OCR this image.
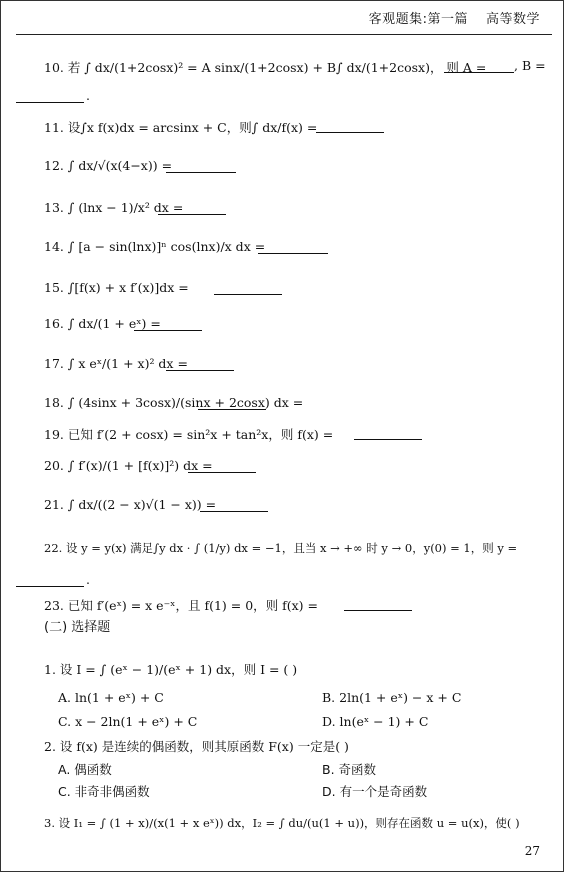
客观题集:第一篇 高等数学
10. 若 ∫ dx/(1+2cosx)² = A sinx/(1+2cosx) + B∫ dx/(1+2cosx)， 则 A = , B =
.
11. 设∫x f(x)dx = arcsinx + C，则∫ dx/f(x) =
12. ∫ dx/√(x(4−x)) =
13. ∫ (lnx − 1)/x² dx =
14. ∫ [a − sin(lnx)]ⁿ cos(lnx)/x dx =
15. ∫[f(x) + x f′(x)]dx =
16. ∫ dx/(1 + eˣ) =
17. ∫ x eˣ/(1 + x)² dx =
18. ∫ (4sinx + 3cosx)/(sinx + 2cosx) dx =
19. 已知 f′(2 + cosx) = sin²x + tan²x，则 f(x) =
20. ∫ f′(x)/(1 + [f(x)]²) dx =
21. ∫ dx/((2 − x)√(1 − x)) =
22. 设 y = y(x) 满足∫y dx · ∫ (1/y) dx = −1，且当 x → +∞ 时 y → 0，y(0) = 1，则 y =
.
23. 已知 f′(eˣ) = x e⁻ˣ，且 f(1) = 0，则 f(x) =
(二) 选择题
1. 设 I = ∫ (eˣ − 1)/(eˣ + 1) dx，则 I = ( )
A. ln(1 + eˣ) + C	B. 2ln(1 + eˣ) − x + C
C. x − 2ln(1 + eˣ) + C	D. ln(eˣ − 1) + C
2. 设 f(x) 是连续的偶函数，则其原函数 F(x) 一定是( )
A. 偶函数	B. 奇函数
C. 非奇非偶函数	D. 有一个是奇函数
3. 设 I₁ = ∫ (1 + x)/(x(1 + x eˣ)) dx，I₂ = ∫ du/(u(1 + u))，则存在函数 u = u(x)，使( )
27
